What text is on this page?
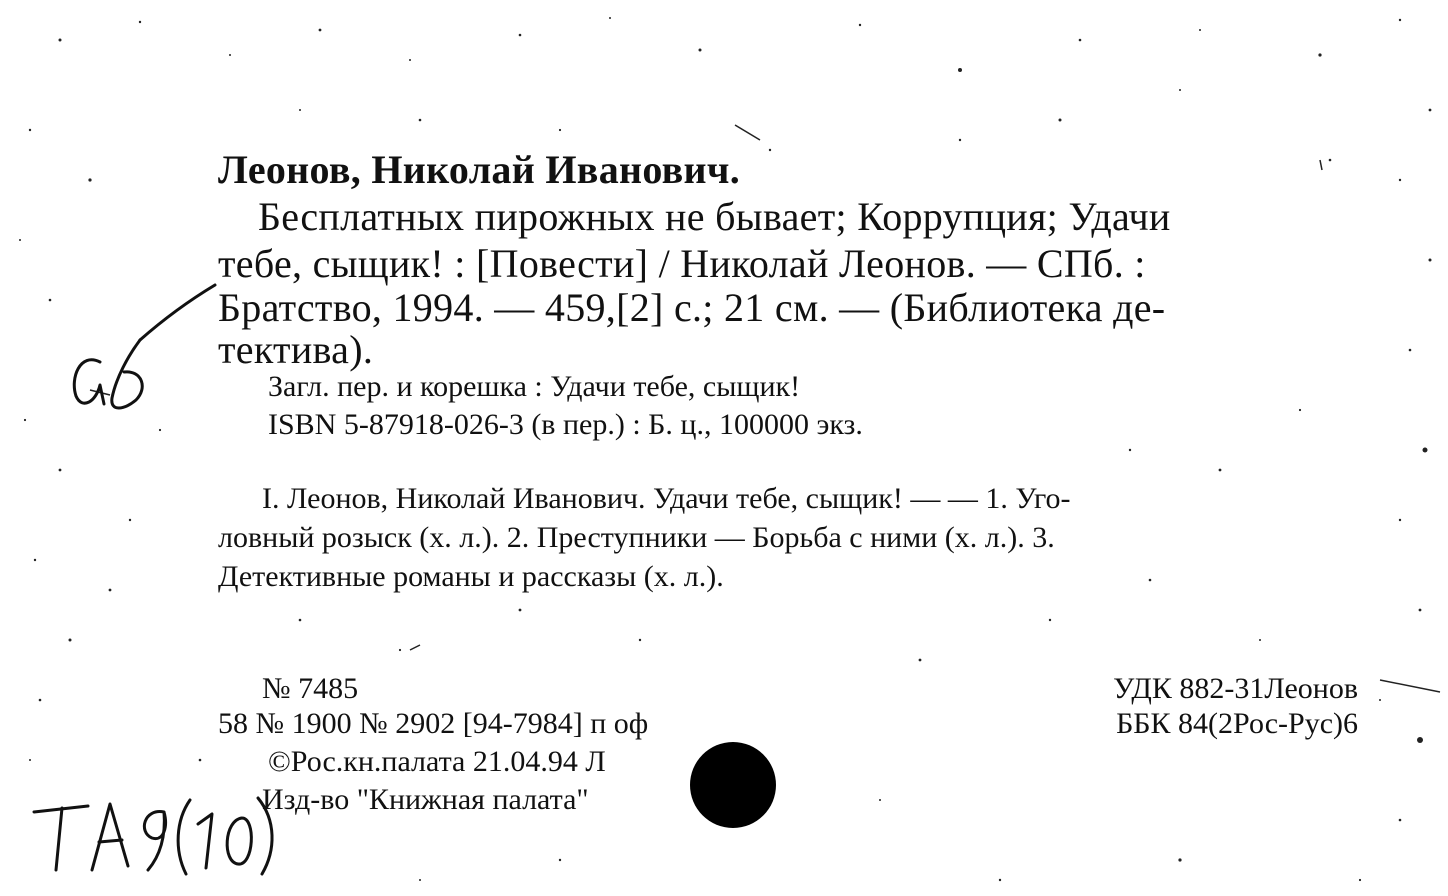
Леонов, Николай Иванович.
Бесплатных пирожных не бывает; Коррупция; Удачи
тебе, сыщик! : [Повести] / Николай Леонов. — СПб. :
Братство, 1994. — 459,[2] с.; 21 см. — (Библиотека де-
тектива).
Загл. пер. и корешка : Удачи тебе, сыщик!
ISBN 5-87918-026-3 (в пер.) : Б. ц., 100000 экз.
I. Леонов, Николай Иванович. Удачи тебе, сыщик! — — 1. Уго-
ловный розыск (х. л.). 2. Преступники — Борьба с ними (х. л.). 3.
Детективные романы и рассказы (х. л.).
№ 7485
58 № 1900 № 2902 [94-7984] п оф
©Рос.кн.палата 21.04.94 Л
Изд-во "Книжная палата"
УДК 882-31Леонов
ББК 84(2Рос-Рус)6
